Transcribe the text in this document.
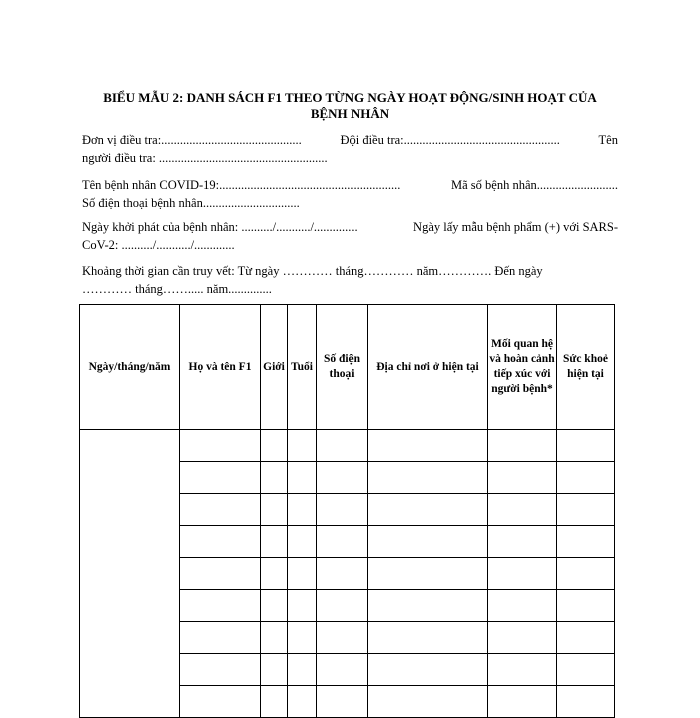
BIỂU MẪU 2: DANH SÁCH F1 THEO TỪNG NGÀY HOẠT ĐỘNG/SINH HOẠT CỦA
BỆNH NHÂN
Đơn vị điều tra:.............................................	Đội điều tra:..................................................	Tên
người điều tra: ......................................................
Tên bệnh nhân COVID-19:..........................................................	Mã số bệnh nhân..........................
Số điện thoại bệnh nhân...............................
Ngày khởi phát của bệnh nhân: ........../.........../..............	Ngày lấy mẫu bệnh phẩm (+) với SARS-
CoV-2: ........../.........../.............
Khoảng thời gian cần truy vết: Từ ngày ………… tháng………… năm…………. Đến ngày
………… tháng……..... năm..............
Ngày/tháng/năm	Họ và tên F1	Giới	Tuổi	Số điện thoại	Địa chỉ nơi ở hiện tại	Mối quan hệ và hoàn cảnh tiếp xúc với người bệnh*	Sức khoẻ hiện tại
